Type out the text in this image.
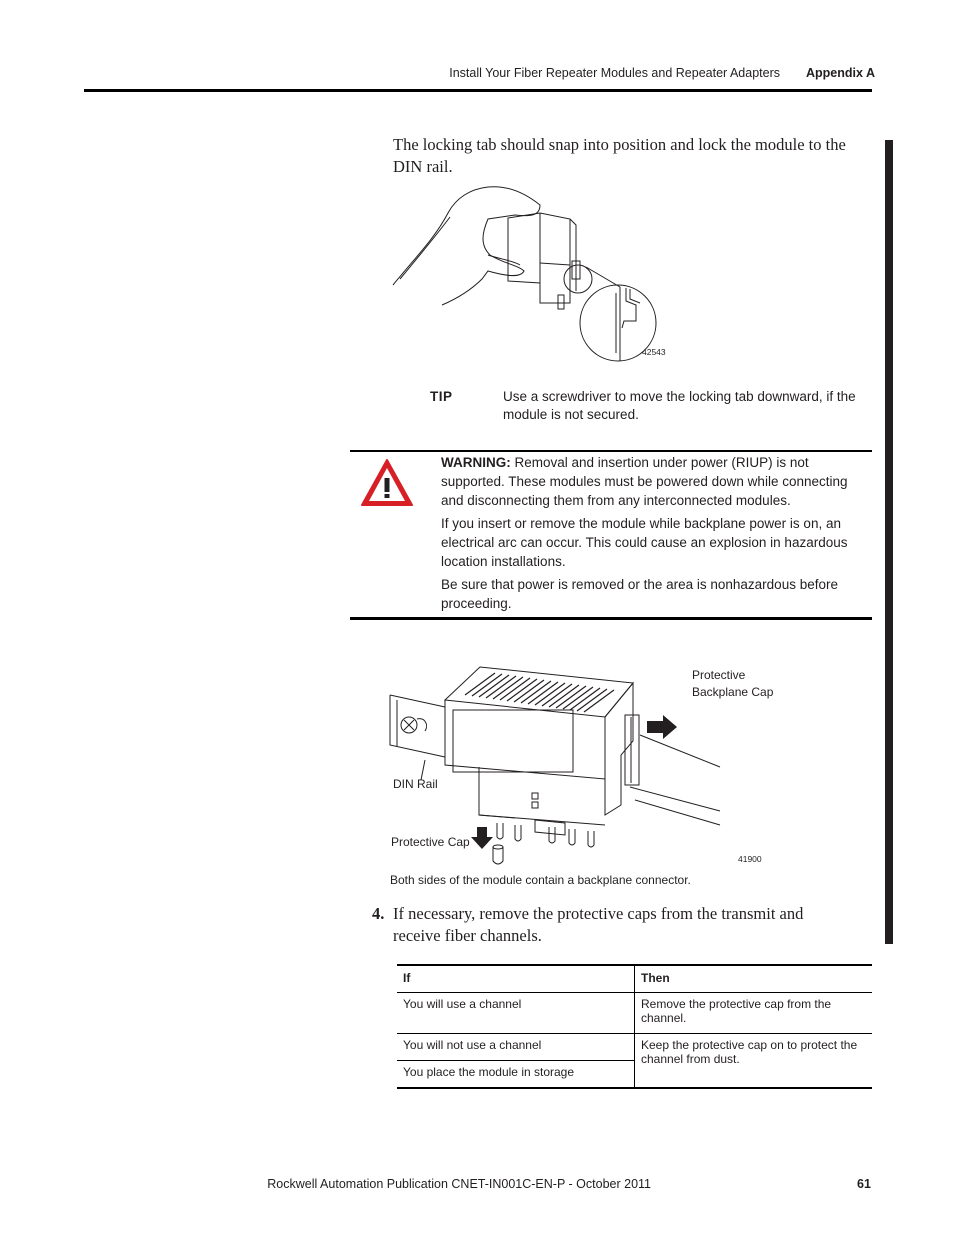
Install Your Fiber Repeater Modules and Repeater Adapters Appendix A
The locking tab should snap into position and lock the module to the DIN rail.
42543
TIP	Use a screwdriver to move the locking tab downward, if the module is not secured.

WARNING: Removal and insertion under power (RIUP) is not supported. These modules must be powered down while connecting and disconnecting them from any interconnected modules.

If you insert or remove the module while backplane power is on, an electrical arc can occur. This could cause an explosion in hazardous location installations.

Be sure that power is removed or the area is nonhazardous before proceeding.

41900
Protective Backplane Cap
DIN Rail
Protective Cap
Both sides of the module contain a backplane connector.
4. If necessary, remove the protective caps from the transmit and receive fiber channels.
If	Then
You will use a channel	Remove the protective cap from the channel.
You will not use a channel	Keep the protective cap on to protect the channel from dust.
You place the module in storage	
Rockwell Automation Publication CNET-IN001C-EN-P - October 2011	61
